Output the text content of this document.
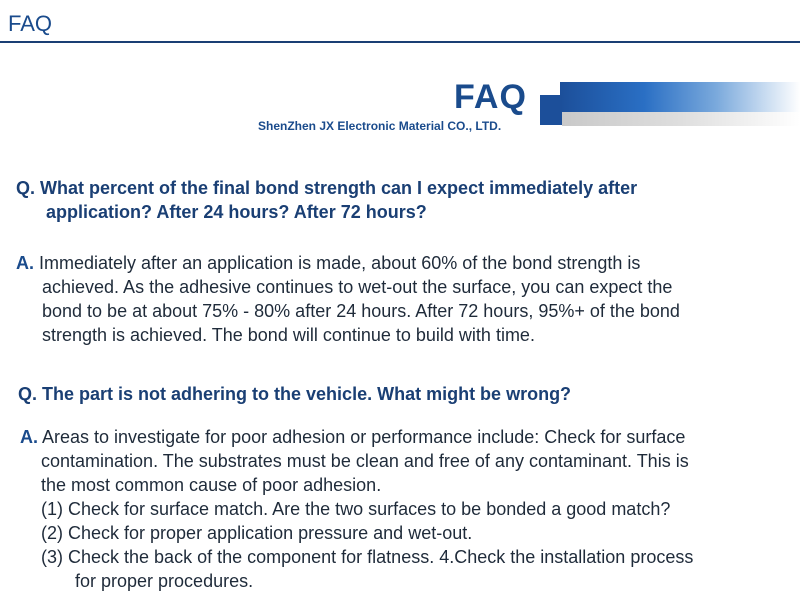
FAQ
FAQ
ShenZhen JX Electronic Material CO., LTD.
Q. What percent of the final bond strength can I expect immediately after
application? After 24 hours? After 72 hours?
A. Immediately after an application is made, about 60% of the bond strength is
achieved. As the adhesive continues to wet-out the surface, you can expect the
bond to be at about 75% - 80% after 24 hours. After 72 hours, 95%+ of the bond
strength is achieved. The bond will continue to build with time.
Q. The part is not adhering to the vehicle. What might be wrong?
A. Areas to investigate for poor adhesion or performance include: Check for surface
contamination. The substrates must be clean and free of any contaminant. This is
the most common cause of poor adhesion.
(1) Check for surface match. Are the two surfaces to be bonded a good match?
(2) Check for proper application pressure and wet-out.
(3) Check the back of the component for flatness. 4.Check the installation process
for proper procedures.
